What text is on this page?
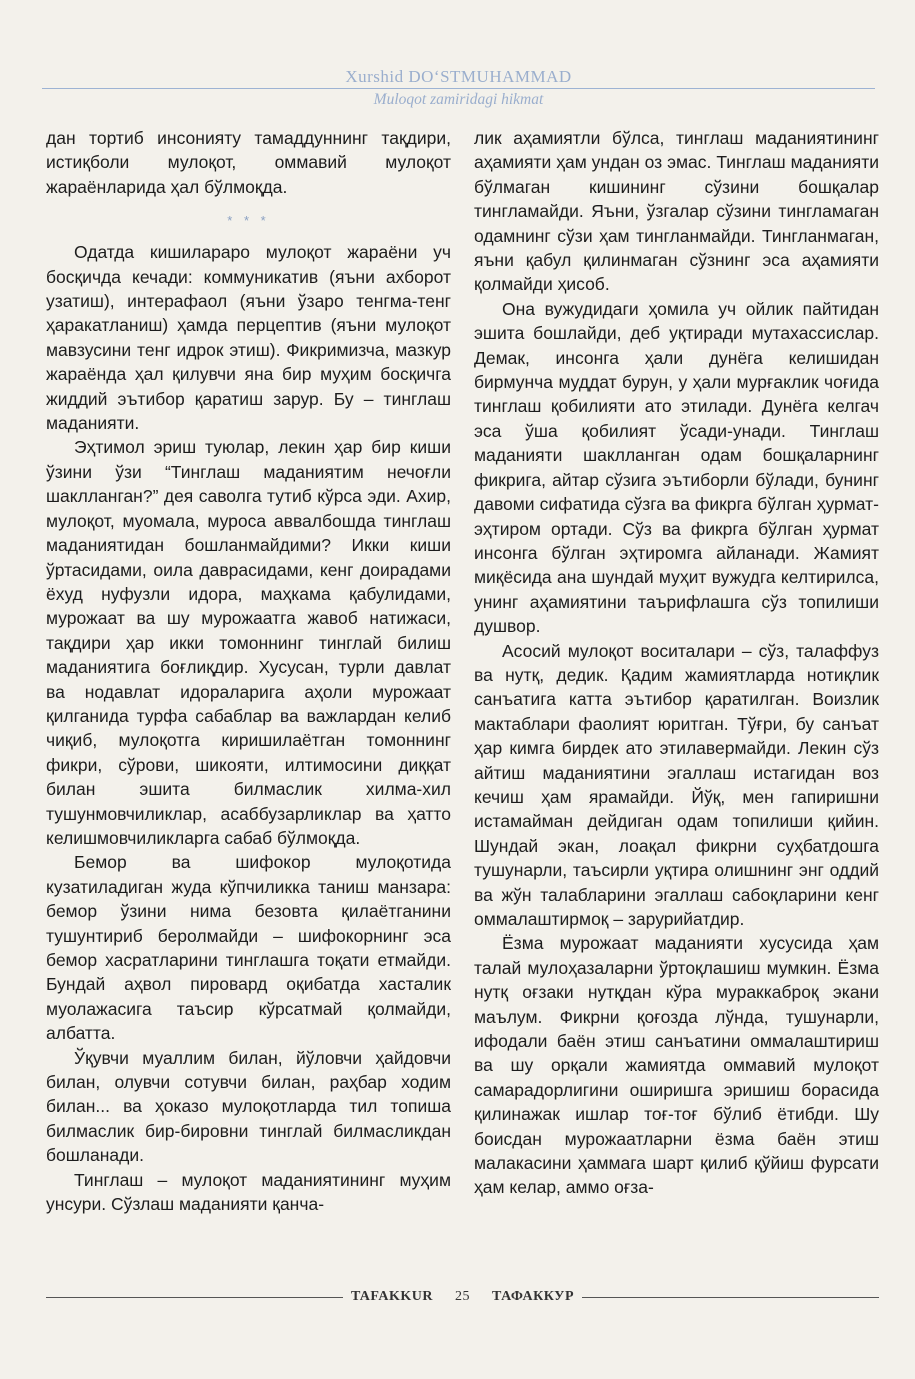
Xurshid DO‘STMUHAMMAD
Muloqot zamiridagi hikmat

дан тортиб инсониятy тамаддуннинг тақдири, истиқболи мулоқот, оммавий мулоқот жараёнларида ҳал бўлмоқда.

* * *

Одатда кишилараро мулоқот жараёни уч босқичда кечади: коммуникатив (яъни ахборот узатиш), интерафаол (яъни ўзаро тенгма-тенг ҳаракатланиш) ҳамда перцептив (яъни мулоқот мавзусини тенг идрок этиш). Фикримизча, мазкур жараёнда ҳал қилувчи яна бир муҳим босқичга жиддий эътибор қаратиш зарур. Бу – тинглаш маданияти.

Эҳтимол эриш туюлар, лекин ҳар бир киши ўзини ўзи “Тинглаш маданиятим нечоғли шаклланган?” дея саволга тутиб кўрса эди. Ахир, мулоқот, муомала, муроса аввалбошда тинглаш маданиятидан бошланмайдими? Икки киши ўртасидами, оила даврасидами, кенг доирадами ёхуд нуфузли идора, маҳкама қабулидами, мурожаат ва шу мурожаатга жавоб натижаси, тақдири ҳар икки томоннинг тинглай билиш маданиятига боғлиқдир. Хусусан, турли давлат ва нодавлат идораларига аҳоли мурожаат қилганида турфа сабаблар ва важлардан келиб чиқиб, мулоқотга киришилаётган томоннинг фикри, сўрови, шикояти, илтимосини диққат билан эшита билмаслик хилма-хил тушунмовчиликлар, асаббузарликлар ва ҳатто келишмовчиликларга сабаб бўлмоқда.

Бемор ва шифокор мулоқотида кузатиладиган жуда кўпчиликка таниш манзара: бемор ўзини нима безовта қилаётганини тушунтириб беролмайди – шифокорнинг эса бемор хасратларини тинглашга тоқати етмайди. Бундай аҳвол пировард оқибатда хасталик муолажасига таъсир кўрсатмай қолмайди, албатта.

Ўқувчи муаллим билан, йўловчи ҳайдовчи билан, олувчи сотувчи билан, раҳбар ходим билан... ва ҳоказо мулоқотларда тил топиша билмаслик бир-бировни тинглай билмасликдан бошланади.

Тинглаш – мулоқот маданиятининг муҳим унсури. Сўзлаш маданияти қанча-

лик аҳамиятли бўлса, тинглаш маданиятининг аҳамияти ҳам ундан оз эмас. Тинглаш маданияти бўлмаган кишининг сўзини бошқалар тингламайди. Яъни, ўзгалар сўзини тингламаган одамнинг сўзи ҳам тингланмайди. Тингланмаган, яъни қабул қилинмаган сўзнинг эса аҳамияти қолмайди ҳисоб.

Она вужудидаги ҳомила уч ойлик пайтидан эшита бошлайди, деб уқтиради мутахассислар. Демак, инсонга ҳали дунёга келишидан бирмунча муддат бурун, у ҳали мурғаклик чоғида тинглаш қобилияти ато этилади. Дунёга келгач эса ўша қобилият ўсади-унади. Тинглаш маданияти шаклланган одам бошқаларнинг фикрига, айтар сўзига эътиборли бўлади, бунинг давоми сифатида сўзга ва фикрга бўлган ҳурмат-эҳтиром ортади. Сўз ва фикрга бўлган ҳурмат инсонга бўлган эҳтиромга айланади. Жамият миқёсида ана шундай муҳит вужудга келтирилса, унинг аҳамиятини таърифлашга сўз топилиши душвор.

Асосий мулоқот воситалари – сўз, талаффуз ва нутқ, дедик. Қадим жамиятларда нотиқлик санъатига катта эътибор қаратилган. Воизлик мактаблари фаолият юритган. Тўғри, бу санъат ҳар кимга бирдек ато этилавермайди. Лекин сўз айтиш маданиятини эгаллаш истагидан воз кечиш ҳам ярамайди. Йўқ, мен гапиришни истамайман дейдиган одам топилиши қийин. Шундай экан, лоақал фикрни суҳбатдошга тушунарли, таъсирли уқтира олишнинг энг оддий ва жўн талабларини эгаллаш сабоқларини кенг оммалаштирмоқ – зарурийатдир.

Ёзма мурожаат маданияти хусусида ҳам талай мулоҳазаларни ўртоқлашиш мумкин. Ёзма нутқ оғзаки нутқдан кўра мураккаброқ экани маълум. Фикрни қоғозда лўнда, тушунарли, ифодали баён этиш санъатини оммалаштириш ва шу орқали жамиятда оммавий мулоқот самарадорлигини оширишга эришиш борасида қилинажак ишлар тоғ-тоғ бўлиб ётибди. Шу боисдан мурожаатларни ёзма баён этиш малакасини ҳаммага шарт қилиб қўйиш фурсати ҳам келар, аммо оғза-

TAFAKKUR	25	ТАФАККУР
